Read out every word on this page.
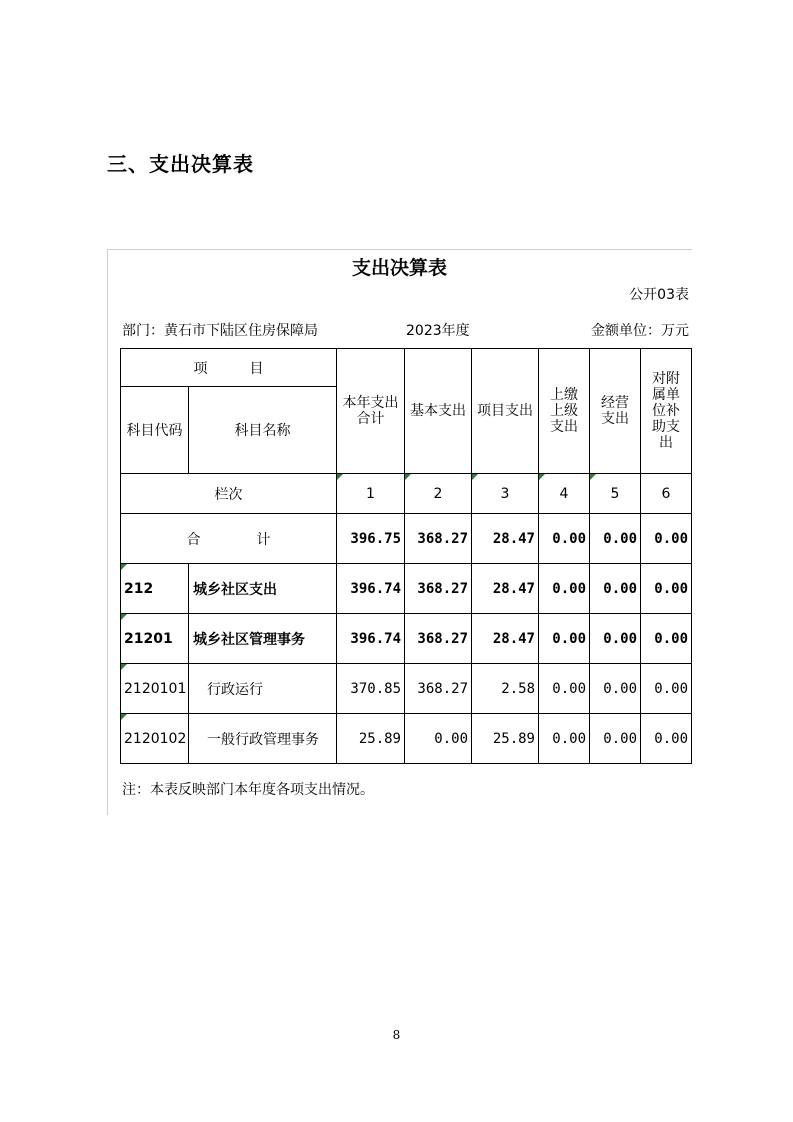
三、支出决算表
支出决算表
公开03表
部门：黄石市下陆区住房保障局	2023年度	金额单位：万元
项　　　目		本年支出合计	基本支出	项目支出	上缴上级支出	经营支出	对附属单位补助支出
科目代码	科目名称						
栏次		1	2	3	4	5	6
合　　　　计		396.75	368.27	28.47	0.00	0.00	0.00
212	城乡社区支出	396.74	368.27	28.47	0.00	0.00	0.00
21201	城乡社区管理事务	396.74	368.27	28.47	0.00	0.00	0.00
2120101	行政运行	370.85	368.27	2.58	0.00	0.00	0.00
2120102	一般行政管理事务	25.89	0.00	25.89	0.00	0.00	0.00
注：本表反映部门本年度各项支出情况。
8
